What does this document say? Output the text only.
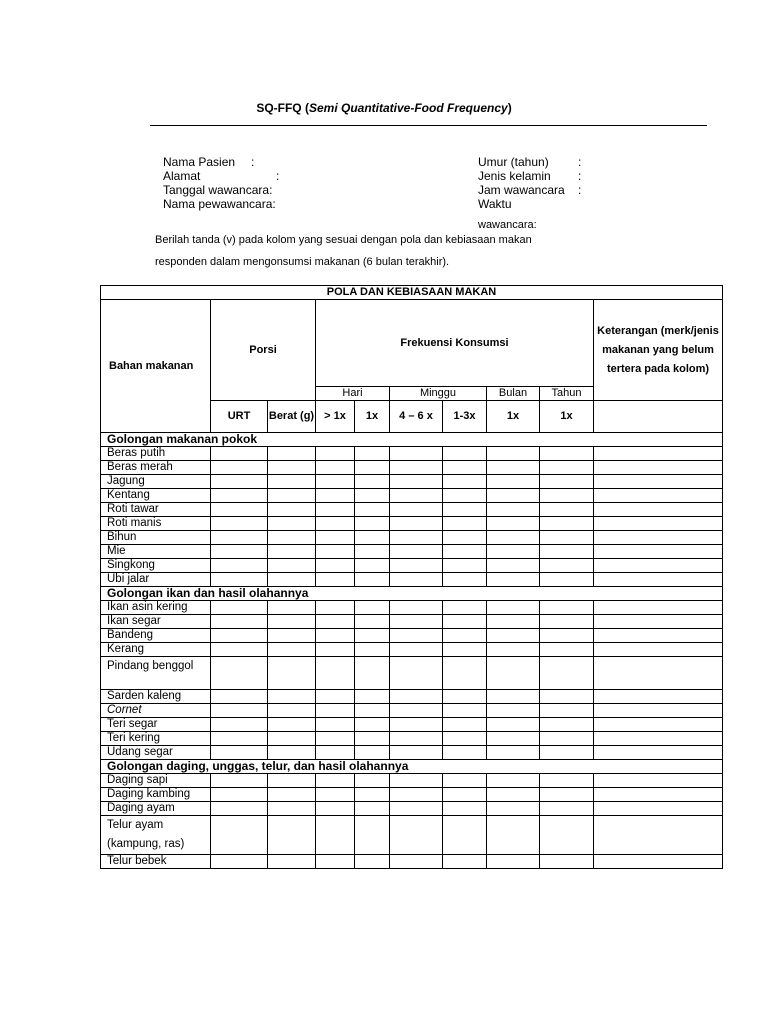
SQ-FFQ (Semi Quantitative-Food Frequency)
Nama Pasien :
Alamat	:
Tanggal wawancara:
Nama pewawancara:
Umur (tahun) :
Jenis kelamin :
Jam wawancara :
Waktu
wawancara:
Berilah tanda (v) pada kolom yang sesuai dengan pola dan kebiasaan makan
responden dalam mengonsumsi makanan (6 bulan terakhir).
POLA DAN KEBIASAAN MAKAN									
Bahan makanan	Porsi		Frekuensi Konsumsi						Keterangan (merk/jenis makanan yang belum tertera pada kolom)
			Hari		Minggu		Bulan	Tahun	
	URT	Berat (g)	> 1x	1x	4 – 6 x	1-3x	1x	1x	
Golongan makanan pokok									
Beras putih									
Beras merah									
Jagung									
Kentang									
Roti tawar									
Roti manis									
Bihun									
Mie									
Singkong									
Ubi jalar									
Golongan ikan dan hasil olahannya									
Ikan asin kering									
Ikan segar									
Bandeng									
Kerang									
Pindang benggol									
Sarden kaleng									
Cornet									
Teri segar									
Teri kering									
Udang segar									
Golongan daging, unggas, telur, dan hasil olahannya									
Daging sapi									
Daging kambing									
Daging ayam									
Telur ayam (kampung, ras)									
Telur bebek									
